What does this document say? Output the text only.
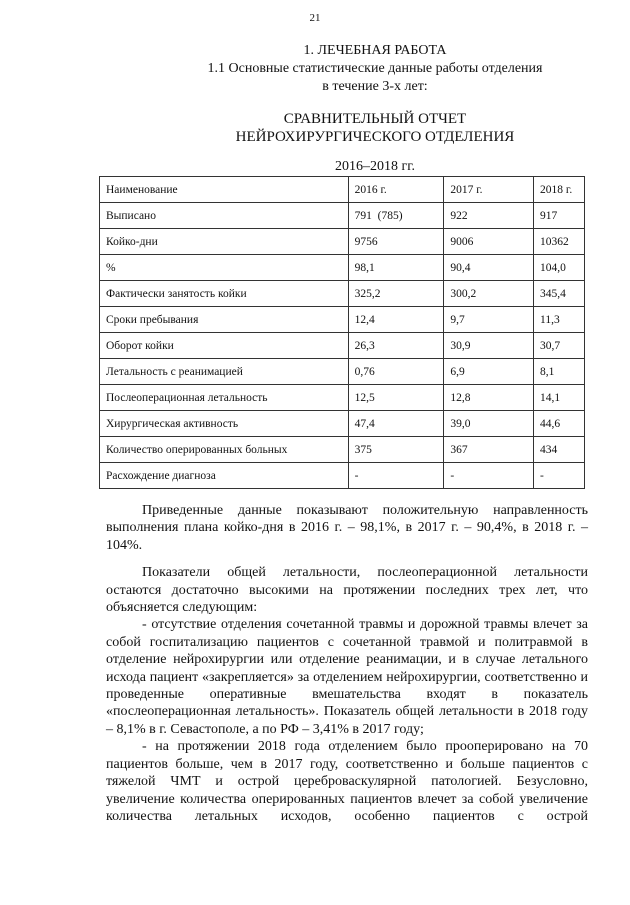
21
1. ЛЕЧЕБНАЯ РАБОТА
1.1 Основные статистические данные работы отделения
в течение 3-х лет:
СРАВНИТЕЛЬНЫЙ ОТЧЕТ
НЕЙРОХИРУРГИЧЕСКОГО ОТДЕЛЕНИЯ
2016–2018 гг.
Наименование	2016 г.	2017 г.	2018 г.
Выписано	791  (785)	922	917
Койко-дни	9756	9006	10362
%	98,1	90,4	104,0
Фактически занятость койки	325,2	300,2	345,4
Сроки пребывания	12,4	9,7	11,3
Оборот койки	26,3	30,9	30,7
Летальность с реанимацией	0,76	6,9	8,1
Послеоперационная летальность	12,5	12,8	14,1
Хирургическая активность	47,4	39,0	44,6
Количество оперированных больных	375	367	434
Расхождение диагноза	-	-	-

Приведенные данные показывают положительную направленность выполнения плана койко-дня в 2016 г. – 98,1%, в 2017 г. – 90,4%, в 2018 г. – 104%.

Показатели общей летальности, послеоперационной летальности остаются достаточно высокими на протяжении последних трех лет, что объясняется следующим:

- отсутствие отделения сочетанной травмы и дорожной травмы влечет за собой госпитализацию пациентов с сочетанной травмой и политравмой в отделение нейрохирургии или отделение реанимации, и в случае летального исхода пациент «закрепляется» за отделением нейрохирургии, соответственно и проведенные оперативные вмешательства входят в показатель «послеоперационная летальность». Показатель общей летальности в 2018 году – 8,1% в г. Севастополе, а по РФ – 3,41% в 2017 году;

- на протяжении 2018 года отделением было прооперировано на 70 пациентов больше, чем в 2017 году, соответственно и больше пациентов с тяжелой ЧМТ и острой цереброваскулярной патологией. Безусловно, увеличение количества оперированных пациентов влечет за собой увеличение количества летальных исходов, особенно пациентов с острой
